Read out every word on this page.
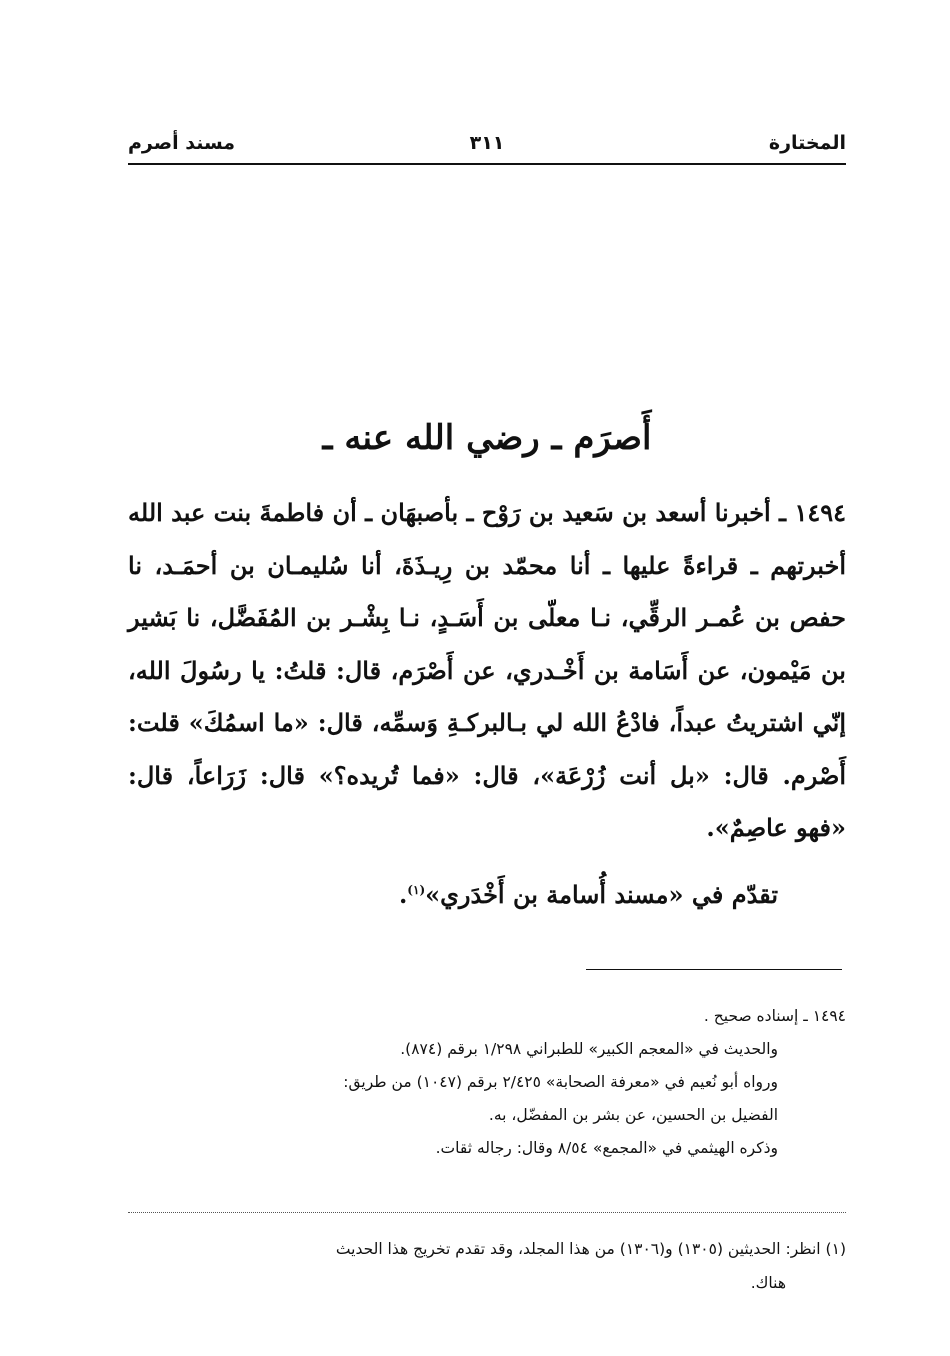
المختارة
٣١١
مسند أصرم
أَصرَم ـ رضي الله عنه ـ

١٤٩٤ ـ أخبرنا أسعد بن سَعيد بن رَوْح ـ بأصبهَان ـ أن فاطمةَ بنت عبد الله أخبرتهم ـ قراءةً عليها ـ أنا محمّد بن رِيـذَةَ، أنا سُليمـان بن أحمَـد، نا حفص بن عُمـر الرقِّي، نـا معلّى بن أَسَـدٍ، نـا بِشْـر بن المُفَضَّل، نا بَشير بن مَيْمون، عن أَسَامة بن أَخْـدري، عن أَصْرَم، قال: قلتُ: يا رسُولَ الله، إنّي اشتريتُ عبداً، فادْعُ الله لي بـالبركـةِ وَسمِّه، قال: «ما اسمُكَ» قلت: أَصْرم. قال: «بل أنت زُرْعَة»، قال: «فما تُريده؟» قال: زَرَاعاً، قال: «فهو عاصِمٌ».

تقدّم في «مسند أُسامة بن أَخْدَري»$^{(١)}$.
١٤٩٤ ـ إسناده صحيح .
والحديث في «المعجم الكبير» للطبراني ١/٢٩٨ برقم (٨٧٤).
ورواه أبو نُعيم في «معرفة الصحابة» ٢/٤٢٥ برقم (١٠٤٧) من طريق:
الفضيل بن الحسين، عن بشر بن المفضّل، به.
وذكره الهيثمي في «المجمع» ٨/٥٤ وقال: رجاله ثقات.
(١) انظر: الحديثين (١٣٠٥) و(١٣٠٦) من هذا المجلد، وقد تقدم تخريج هذا الحديث
هناك.
